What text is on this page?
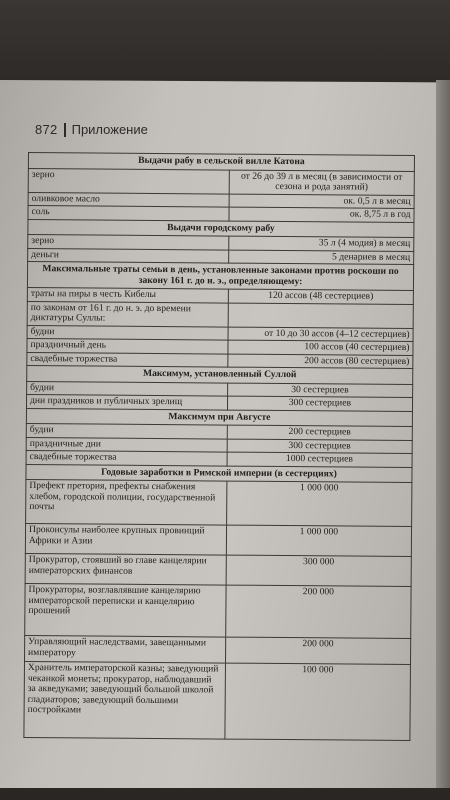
872 Приложение
Выдачи рабу в сельской вилле Катона	
зерно	от 26 до 39 л в месяц (в зависимости от сезона и рода занятий)
оливковое масло	ок. 0,5 л в месяц
соль	ок. 8,75 л в год
Выдачи городскому рабу	
зерно	35 л (4 модия) в месяц
деньги	5 денариев в месяц
Максимальные траты семьи в день, установленные законами против роскоши по закону 161 г. до н. э., определяющему:	
траты на пиры в честь Кибелы	120 ассов (48 сестерциев)
по законам от 161 г. до н. э. до времени диктатуры Суллы:	
будни	от 10 до 30 ассов (4–12 сестерциев)
праздничный день	100 ассов (40 сестерциев)
свадебные торжества	200 ассов (80 сестерциев)
Максимум, установленный Суллой	
будни	30 сестерциев
дни праздников и публичных зрелищ	300 сестерциев
Максимум при Августе	
будни	200 сестерциев
праздничные дни	300 сестерциев
свадебные торжества	1000 сестерциев
Годовые заработки в Римской империи (в сестерциях)	
Префект претория, префекты снабжения хлебом, городской полиции, государственной почты	1 000 000
Проконсулы наиболее крупных провинций Африки и Азии	1 000 000
Прокуратор, стоявший во главе канцелярии императорских финансов	300 000
Прокураторы, возглавлявшие канцелярию императорской переписки и канцелярию прошений	200 000
Управляющий наследствами, завещанными императору	200 000
Хранитель императорской казны; заведующий чеканкой монеты; прокуратор, наблюдавший за акведуками; заведующий большой школой гладиаторов; заведующий большими постройками	100 000
